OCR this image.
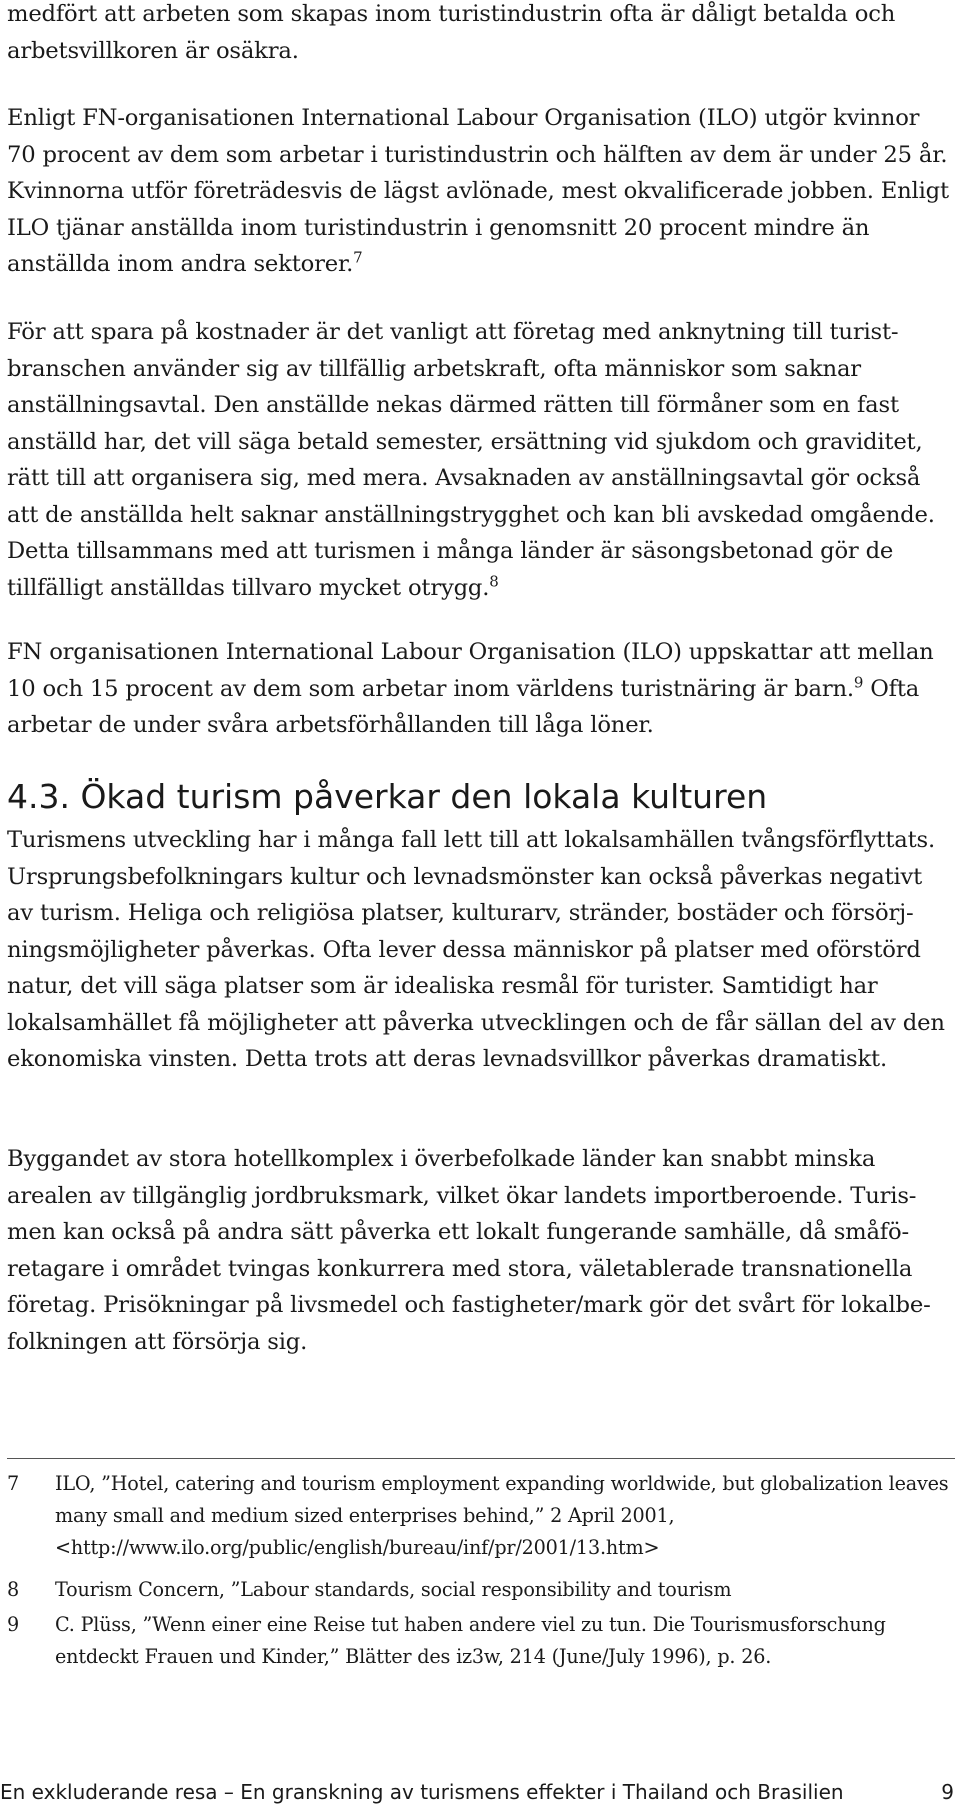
medfört att arbeten som skapas inom turistindustrin ofta är dåligt betalda och arbetsvillkoren är osäkra.

Enligt FN-organisationen International Labour Organisation (ILO) utgör kvinnor 70 procent av dem som arbetar i turistindustrin och hälften av dem är under 25 år. Kvinnorna utför företrädesvis de lägst avlönade, mest okvalificerade jobben. Enligt ILO tjänar anställda inom turistindustrin i genomsnitt 20 procent mindre än anställda inom andra sektorer.$^7$

För att spara på kostnader är det vanligt att företag med anknytning till turistbranschen använder sig av tillfällig arbetskraft, ofta människor som saknar anställningsavtal. Den anställde nekas därmed rätten till förmåner som en fast anställd har, det vill säga betald semester, ersättning vid sjukdom och graviditet, rätt till att organisera sig, med mera. Avsaknaden av anställningsavtal gör också att de anställda helt saknar anställningstrygghet och kan bli avskedad omgående. Detta tillsammans med att turismen i många länder är säsongsbetonad gör de tillfälligt anställdas tillvaro mycket otrygg.$^8$

FN organisationen International Labour Organisation (ILO) uppskattar att mellan 10 och 15 procent av dem som arbetar inom världens turistnäring är barn.$^9$ Ofta arbetar de under svåra arbetsförhållanden till låga löner.

4.3. Ökad turism påverkar den lokala kulturen

Turismens utveckling har i många fall lett till att lokalsamhällen tvångsförflyttats. Ursprungsbefolkningars kultur och levnadsmönster kan också påverkas negativt av turism. Heliga och religiösa platser, kulturarv, stränder, bostäder och försörjningsmöjligheter påverkas. Ofta lever dessa människor på platser med oförstörd natur, det vill säga platser som är idealiska resmål för turister. Samtidigt har lokalsamhället få möjligheter att påverka utvecklingen och de får sällan del av den ekonomiska vinsten. Detta trots att deras levnadsvillkor påverkas dramatiskt.

Byggandet av stora hotellkomplex i överbefolkade länder kan snabbt minska arealen av tillgänglig jordbruksmark, vilket ökar landets importberoende. Turismen kan också på andra sätt påverka ett lokalt fungerande samhälle, då småföretagare i området tvingas konkurrera med stora, väletablerade transnationella företag. Prisökningar på livsmedel och fastigheter/mark gör det svårt för lokalbefolkningen att försörja sig.

7 ILO, ”Hotel, catering and tourism employment expanding worldwide, but globalization leaves many small and medium sized enterprises behind,” 2 April 2001, <http://www.ilo.org/public/english/bureau/inf/pr/2001/13.htm>

8 Tourism Concern, ”Labour standards, social responsibility and tourism

9 C. Plüss, ”Wenn einer eine Reise tut haben andere viel zu tun. Die Tourismusforschung entdeckt Frauen und Kinder,” Blätter des iz3w, 214 (June/July 1996), p. 26.

En exkluderande resa – En granskning av turismens effekter i Thailand och Brasilien	9
